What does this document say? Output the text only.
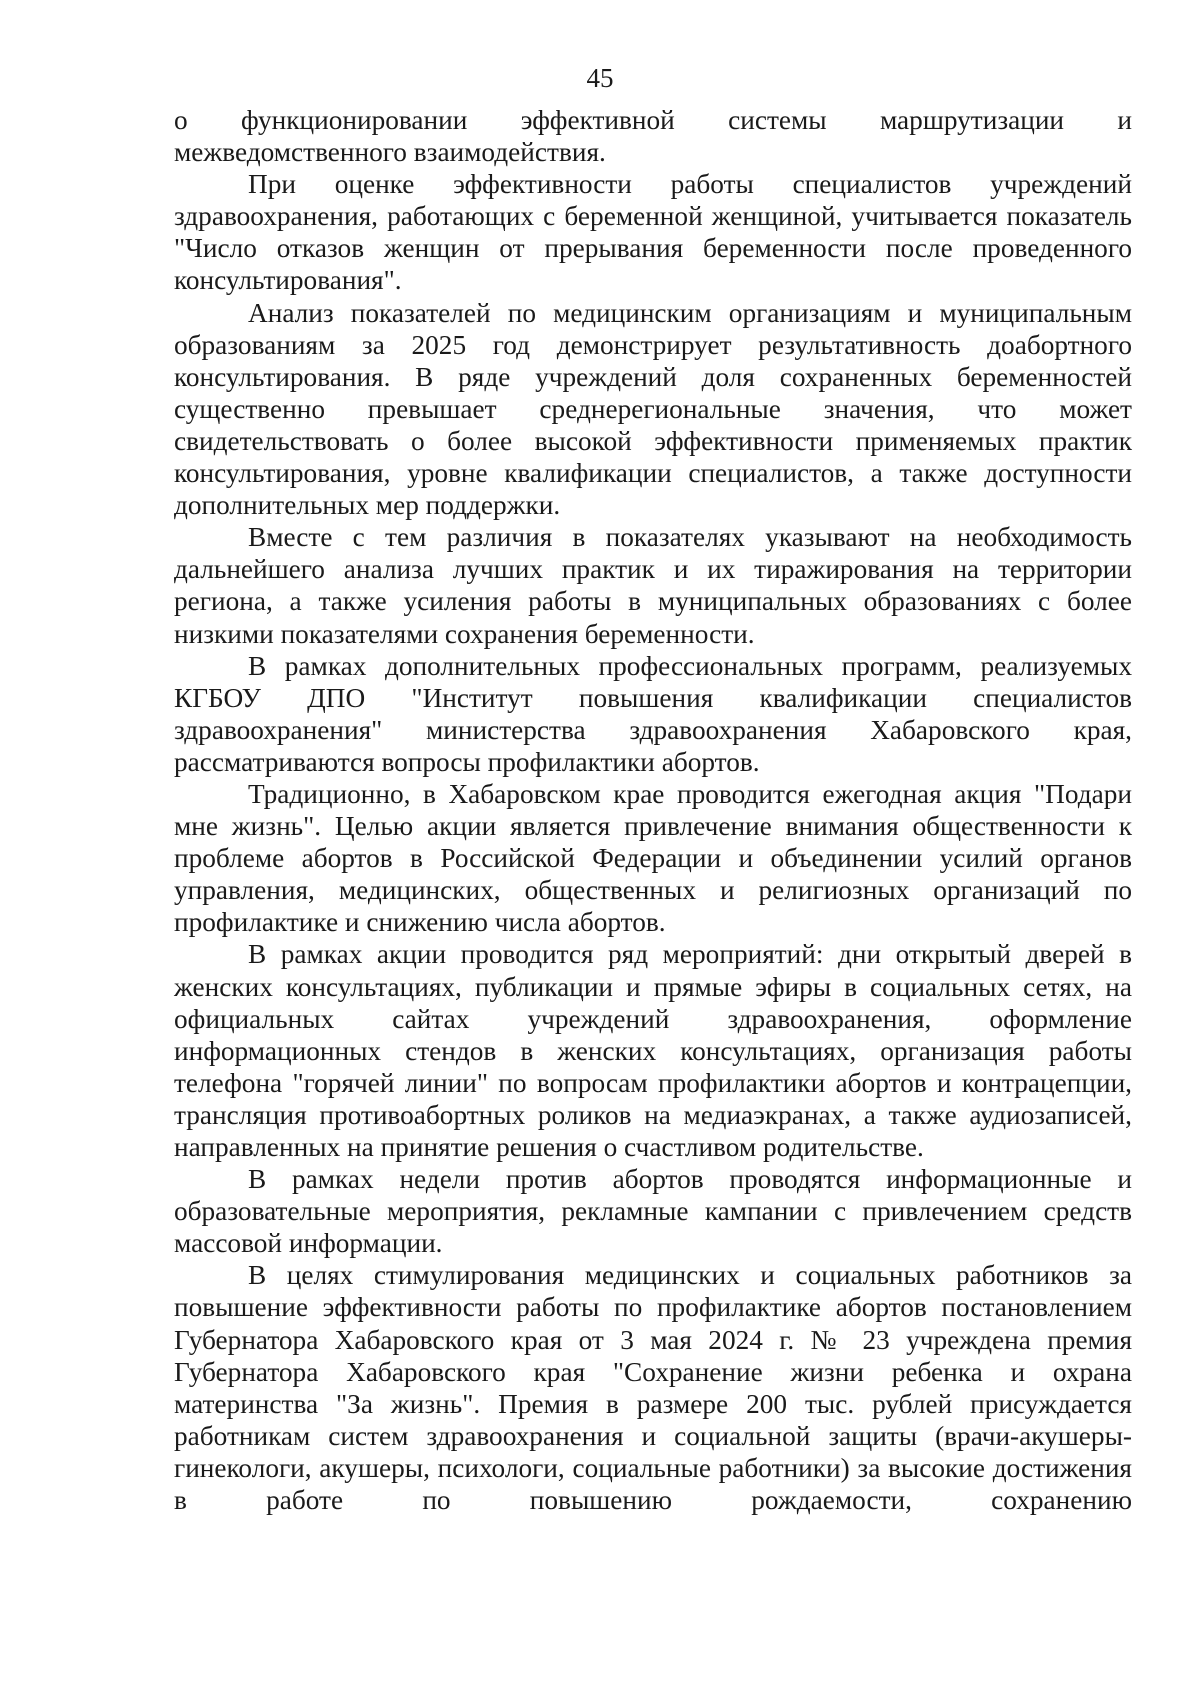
45

о функционировании эффективной системы маршрутизации и межведомственного взаимодействия.

При оценке эффективности работы специалистов учреждений здравоохранения, работающих с беременной женщиной, учитывается показатель "Число отказов женщин от прерывания беременности после проведенного консультирования".

Анализ показателей по медицинским организациям и муниципальным образованиям за 2025 год демонстрирует результативность доабортного консультирования. В ряде учреждений доля сохраненных беременностей существенно превышает среднерегиональные значения, что может свидетельствовать о более высокой эффективности применяемых практик консультирования, уровне квалификации специалистов, а также доступности дополнительных мер поддержки.

Вместе с тем различия в показателях указывают на необходимость дальнейшего анализа лучших практик и их тиражирования на территории региона, а также усиления работы в муниципальных образованиях с более низкими показателями сохранения беременности.

В рамках дополнительных профессиональных программ, реализуемых КГБОУ ДПО "Институт повышения квалификации специалистов здравоохранения" министерства здравоохранения Хабаровского края, рассматриваются вопросы профилактики абортов.

Традиционно, в Хабаровском крае проводится ежегодная акция "Подари мне жизнь". Целью акции является привлечение внимания общественности к проблеме абортов в Российской Федерации и объединении усилий органов управления, медицинских, общественных и религиозных организаций по профилактике и снижению числа абортов.

В рамках акции проводится ряд мероприятий: дни открытый дверей в женских консультациях, публикации и прямые эфиры в социальных сетях, на официальных сайтах учреждений здравоохранения, оформление информационных стендов в женских консультациях, организация работы телефона "горячей линии" по вопросам профилактики абортов и контрацепции, трансляция противоабортных роликов на медиаэкранах, а также аудиозаписей, направленных на принятие решения о счастливом родительстве.

В рамках недели против абортов проводятся информационные и образовательные мероприятия, рекламные кампании с привлечением средств массовой информации.

В целях стимулирования медицинских и социальных работников за повышение эффективности работы по профилактике абортов постановлением Губернатора Хабаровского края от 3 мая 2024 г. № 23 учреждена премия Губернатора Хабаровского края "Сохранение жизни ребенка и охрана материнства "За жизнь". Премия в размере 200 тыс. рублей присуждается работникам систем здравоохранения и социальной защиты (врачи-акушеры-гинекологи, акушеры, психологи, социальные работники) за высокие достижения в работе по повышению рождаемости, сохранению
